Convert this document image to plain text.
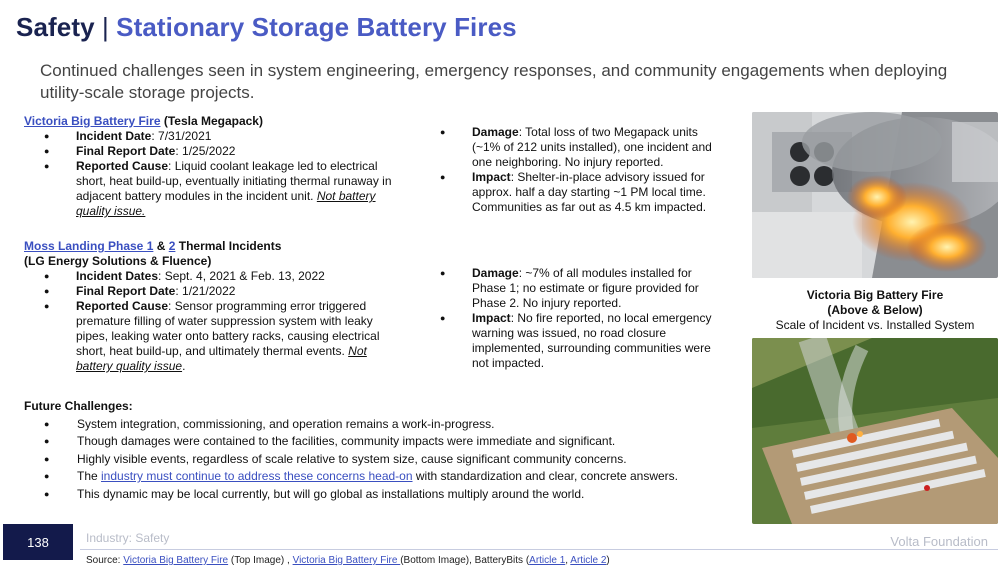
Safety | Stationary Storage Battery Fires
Continued challenges seen in system engineering, emergency responses, and community engagements when deploying utility-scale storage projects.
Victoria Big Battery Fire (Tesla Megapack)
● Incident Date: 7/31/2021
● Final Report Date: 1/25/2022
● Reported Cause: Liquid coolant leakage led to electrical short, heat build-up, eventually initiating thermal runaway in adjacent battery modules in the incident unit. Not battery quality issue.
● Damage: Total loss of two Megapack units (~1% of 212 units installed), one incident and one neighboring. No injury reported.
● Impact: Shelter-in-place advisory issued for approx. half a day starting ~1 PM local time. Communities as far out as 4.5 km impacted.
Moss Landing Phase 1 & 2 Thermal Incidents
(LG Energy Solutions & Fluence)
● Incident Dates: Sept. 4, 2021 & Feb. 13, 2022
● Final Report Date: 1/21/2022
● Reported Cause: Sensor programming error triggered premature filling of water suppression system with leaky pipes, leaking water onto battery racks, causing electrical short, heat build-up, and ultimately thermal events. Not battery quality issue.
● Damage: ~7% of all modules installed for Phase 1; no estimate or figure provided for Phase 2. No injury reported.
● Impact: No fire reported, no local emergency warning was issued, no road closure implemented, surrounding communities were not impacted.
Victoria Big Battery Fire
(Above & Below)
Scale of Incident vs. Installed System
Future Challenges:
● System integration, commissioning, and operation remains a work-in-progress.
● Though damages were contained to the facilities, community impacts were immediate and significant.
● Highly visible events, regardless of scale relative to system size, cause significant community concerns.
● The industry must continue to address these concerns head-on with standardization and clear, concrete answers.
● This dynamic may be local currently, but will go global as installations multiply around the world.
138	Industry: Safety	Volta Foundation
Source: Victoria Big Battery Fire (Top Image) , Victoria Big Battery Fire (Bottom Image), BatteryBits (Article 1, Article 2)
